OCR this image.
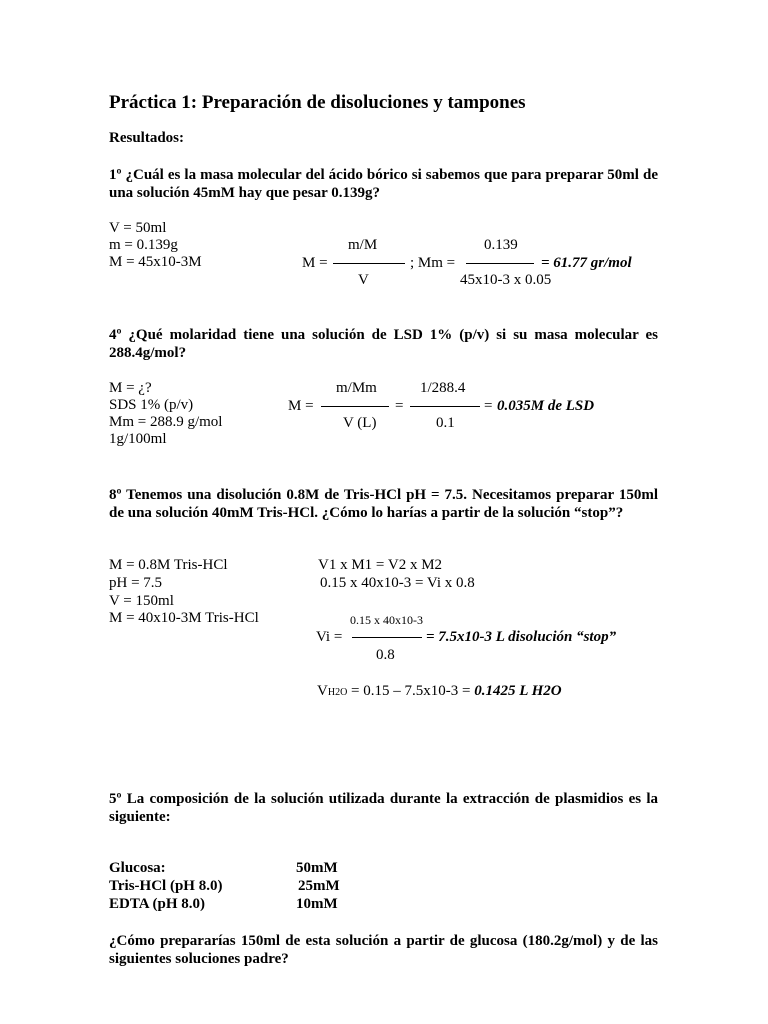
Práctica 1: Preparación de disoluciones y tampones
Resultados:
1º ¿Cuál es la masa molecular del ácido bórico si sabemos que para preparar 50ml de una solución 45mM hay que pesar 0.139g?
V = 50ml
m = 0.139g
M = 45x10-3M
m/M
M =	; Mm =
V
0.139
= 61.77 gr/mol
45x10-3 x 0.05
4º ¿Qué molaridad tiene una solución de LSD 1% (p/v) si su masa molecular es 288.4g/mol?
M = ¿?
SDS 1% (p/v)
Mm = 288.9 g/mol
1g/100ml
m/Mm	1/288.4
M =	=	= 0.035M de LSD
V (L)	0.1
8º Tenemos una disolución 0.8M de Tris-HCl pH = 7.5. Necesitamos preparar 150ml de una solución 40mM Tris-HCl. ¿Cómo lo harías a partir de la solución “stop”?
M = 0.8M Tris-HCl
pH = 7.5
V = 150ml
M = 40x10-3M Tris-HCl
V1 x M1 = V2 x M2
0.15 x 40x10-3 = Vi x 0.8
0.15 x 40x10-3
Vi =	= 7.5x10-3 L disolución “stop”
0.8
VH2O = 0.15 – 7.5x10-3 = 0.1425 L H2O
5º La composición de la solución utilizada durante la extracción de plasmidios es la siguiente:
Glucosa:	50mM
Tris-HCl (pH 8.0)	25mM
EDTA (pH 8.0)	10mM
¿Cómo prepararías 150ml de esta solución a partir de glucosa (180.2g/mol) y de las siguientes soluciones padre?
